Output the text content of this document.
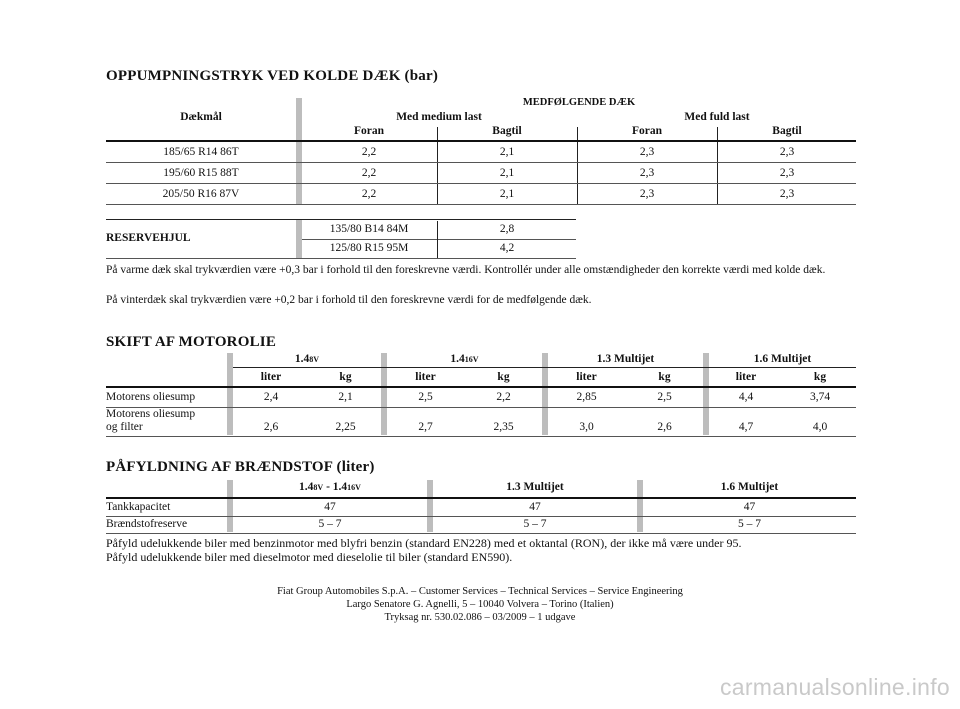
OPPUMPNINGSTRYK VED KOLDE DÆK (bar)
Dækmål
MEDFØLGENDE DÆK
Med medium last	Med fuld last
Foran	Bagtil	Foran	Bagtil
185/65 R14 86T	2,2	2,1	2,3	2,3
195/60 R15 88T	2,2	2,1	2,3	2,3
205/50 R16 87V	2,2	2,1	2,3	2,3
RESERVEHJUL
135/80 B14 84M	2,8
125/80 R15 95M	4,2
På varme dæk skal trykværdien være +0,3 bar i forhold til den foreskrevne værdi. Kontrollér under alle omstændigheder den korrekte værdi med kolde dæk.
På vinterdæk skal trykværdien være +0,2 bar i forhold til den foreskrevne værdi for de medfølgende dæk.
SKIFT AF MOTOROLIE
1.48V	1.416V	1.3 Multijet	1.6 Multijet
liter	kg	liter	kg	liter	kg	liter	kg
Motorens oliesump	2,4	2,1	2,5	2,2	2,85	2,5	4,4	3,74
Motorens oliesump
og filter	2,6	2,25	2,7	2,35	3,0	2,6	4,7	4,0
PÅFYLDNING AF BRÆNDSTOF (liter)
1.48V - 1.416V	1.3 Multijet	1.6 Multijet
Tankkapacitet	47	47	47
Brændstofreserve	5 – 7	5 – 7	5 – 7
Påfyld udelukkende biler med benzinmotor med blyfri benzin (standard EN228) med et oktantal (RON), der ikke må være under 95.
Påfyld udelukkende biler med dieselmotor med dieselolie til biler (standard EN590).
Fiat Group Automobiles S.p.A. – Customer Services – Technical Services – Service Engineering
Largo Senatore G. Agnelli, 5 – 10040 Volvera – Torino (Italien)
Tryksag nr. 530.02.086 – 03/2009 – 1 udgave
carmanualsonline.info
